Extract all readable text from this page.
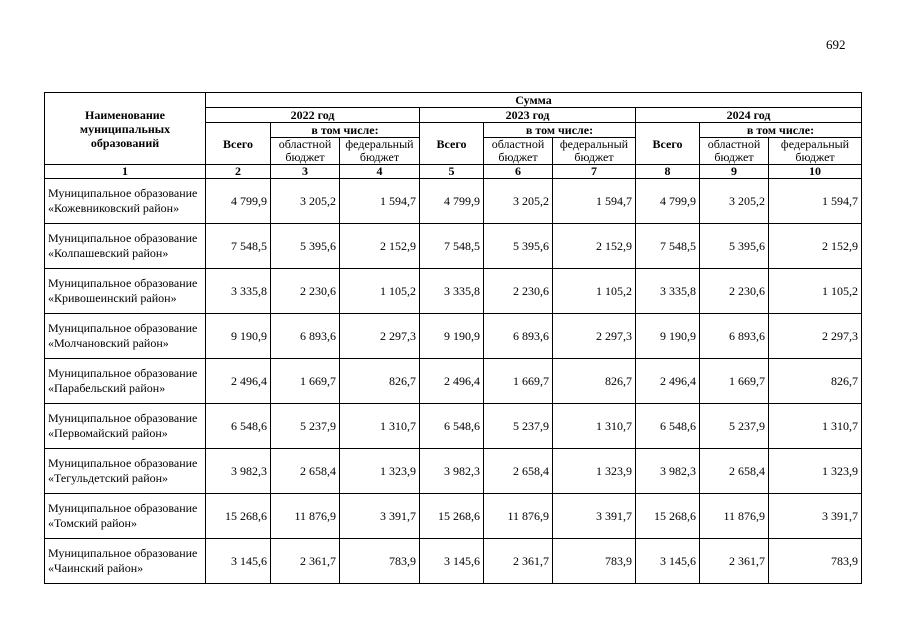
692
Наименование муниципальных образований	Сумма								
	2022 год			2023 год			2024 год		
	Всего	в том числе:		Всего	в том числе:		Всего	в том числе:	
		областной бюджет	федеральный бюджет		областной бюджет	федеральный бюджет		областной бюджет	федеральный бюджет
1	2	3	4	5	6	7	8	9	10
Муниципальное образование «Кожевниковский район»	4 799,9	3 205,2	1 594,7	4 799,9	3 205,2	1 594,7	4 799,9	3 205,2	1 594,7
Муниципальное образование «Колпашевский район»	7 548,5	5 395,6	2 152,9	7 548,5	5 395,6	2 152,9	7 548,5	5 395,6	2 152,9
Муниципальное образование «Кривошеинский район»	3 335,8	2 230,6	1 105,2	3 335,8	2 230,6	1 105,2	3 335,8	2 230,6	1 105,2
Муниципальное образование «Молчановский район»	9 190,9	6 893,6	2 297,3	9 190,9	6 893,6	2 297,3	9 190,9	6 893,6	2 297,3
Муниципальное образование «Парабельский район»	2 496,4	1 669,7	826,7	2 496,4	1 669,7	826,7	2 496,4	1 669,7	826,7
Муниципальное образование «Первомайский район»	6 548,6	5 237,9	1 310,7	6 548,6	5 237,9	1 310,7	6 548,6	5 237,9	1 310,7
Муниципальное образование «Тегульдетский район»	3 982,3	2 658,4	1 323,9	3 982,3	2 658,4	1 323,9	3 982,3	2 658,4	1 323,9
Муниципальное образование «Томский район»	15 268,6	11 876,9	3 391,7	15 268,6	11 876,9	3 391,7	15 268,6	11 876,9	3 391,7
Муниципальное образование «Чаинский район»	3 145,6	2 361,7	783,9	3 145,6	2 361,7	783,9	3 145,6	2 361,7	783,9
